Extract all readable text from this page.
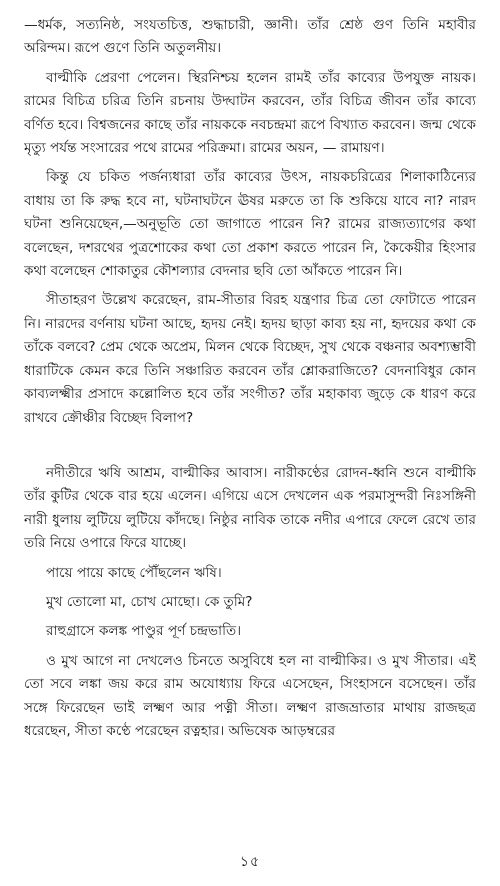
—ধর্মক, সত্যনিষ্ঠ, সংযতচিত্ত, শুদ্ধাচারী, জ্ঞানী। তাঁর শ্রেষ্ঠ গুণ তিনি মহাবীর অরিন্দম। রূপে গুণে তিনি অতুলনীয়।

বাল্মীকি প্রেরণা পেলেন। স্থিরনিশ্চয় হলেন রামই তাঁর কাব্যের উপযুক্ত নায়ক। রামের বিচিত্র চরিত্র তিনি রচনায় উদ্ঘাটন করবেন, তাঁর বিচিত্র জীবন তাঁর কাব্যে বর্ণিত হবে। বিশ্বজনের কাছে তাঁর নায়ককে নবচন্দ্রমা রূপে বিখ্যাত করবেন। জন্ম থেকে মৃত্যু পর্যন্ত সংসারের পথে রামের পরিক্রমা। রামের অয়ন, — রামায়ণ।

কিন্তু যে চকিত পর্জন্যধারা তাঁর কাব্যের উৎস, নায়কচরিত্রের শিলাকাঠিন্যের বাধায় তা কি রুদ্ধ হবে না, ঘটনাঘটনে ঊষর মরুতে তা কি শুকিয়ে যাবে না? নারদ ঘটনা শুনিয়েছেন,—অনুভূতি তো জাগাতে পারেন নি? রামের রাজ্যত্যাগের কথা বলেছেন, দশরথের পুত্রশোকের কথা তো প্রকাশ করতে পারেন নি, কৈকেয়ীর হিংসার কথা বলেছেন শোকাতুর কৌশল্যার বেদনার ছবি তো আঁকতে পারেন নি।

সীতাহরণ উল্লেখ করেছেন, রাম-সীতার বিরহ যন্ত্রণার চিত্র তো ফোটাতে পারেন নি। নারদের বর্ণনায় ঘটনা আছে, হৃদয় নেই। হৃদয় ছাড়া কাব্য হয় না, হৃদয়ের কথা কে তাঁকে বলবে? প্রেম থেকে অপ্রেম, মিলন থেকে বিচ্ছেদ, সুখ থেকে বঞ্চনার অবশ্যম্ভাবী ধারাটিকে কেমন করে তিনি সঞ্চারিত করবেন তাঁর শ্লোকরাজিতে? বেদনাবিধুর কোন কাব্যলক্ষ্মীর প্রসাদে কল্লোলিত হবে তাঁর সংগীত? তাঁর মহাকাব্য জুড়ে কে ধারণ করে রাখবে ক্রৌঞ্চীর বিচ্ছেদ বিলাপ?

নদীতীরে ঋষি আশ্রম, বাল্মীকির আবাস। নারীকণ্ঠের রোদন-ধ্বনি শুনে বাল্মীকি তাঁর কুটির থেকে বার হয়ে এলেন। এগিয়ে এসে দেখলেন এক পরমাসুন্দরী নিঃসঙ্গিনী নারী ধুলায় লুটিয়ে লুটিয়ে কাঁদছে। নিষ্ঠুর নাবিক তাকে নদীর এপারে ফেলে রেখে তার তরি নিয়ে ওপারে ফিরে যাচ্ছে।

পায়ে পায়ে কাছে পৌঁছলেন ঋষি।

মুখ তোলো মা, চোখ মোছো। কে তুমি?

রাহুগ্রাসে কলঙ্ক পাণ্ডুর পূর্ণ চন্দ্রভাতি।

ও মুখ আগে না দেখলেও চিনতে অসুবিধে হল না বাল্মীকির। ও মুখ সীতার। এই তো সবে লঙ্কা জয় করে রাম অযোধ্যায় ফিরে এসেছেন, সিংহাসনে বসেছেন। তাঁর সঙ্গে ফিরেছেন ভাই লক্ষ্মণ আর পত্নী সীতা। লক্ষ্মণ রাজভ্রাতার মাথায় রাজছত্র ধরেছেন, সীতা কণ্ঠে পরেছেন রত্নহার। অভিষেক আড়ম্বরের

১৫
